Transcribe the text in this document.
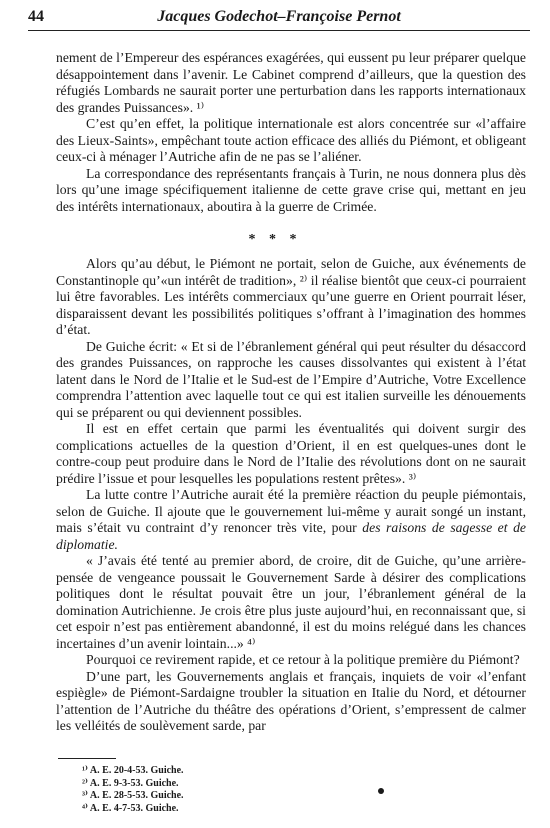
44	Jacques Godechot–Françoise Pernot

nement de l’Empereur des espérances exagérées, qui eussent pu leur préparer quelque désappointement dans l’avenir. Le Cabinet comprend d’ailleurs, que la question des réfugiés Lombards ne saurait porter une perturbation dans les rapports internationaux des grandes Puissances». ¹⁾

C’est qu’en effet, la politique internationale est alors concentrée sur «l’affaire des Lieux-Saints», empêchant toute action efficace des alliés du Piémont, et obligeant ceux-ci à ménager l’Autriche afin de ne pas se l’aliéner.

La correspondance des représentants français à Turin, ne nous donnera plus dès lors qu’une image spécifiquement italienne de cette grave crise qui, mettant en jeu des intérêts internationaux, aboutira à la guerre de Crimée.

* * *

Alors qu’au début, le Piémont ne portait, selon de Guiche, aux événements de Constantinople qu’«un intérêt de tradition», ²⁾ il réalise bientôt que ceux-ci pourraient lui être favorables. Les intérêts commerciaux qu’une guerre en Orient pourrait léser, disparaissent devant les possibilités politiques s’offrant à l’imagination des hommes d’état.

De Guiche écrit: « Et si de l’ébranlement général qui peut résulter du désaccord des grandes Puissances, on rapproche les causes dissolvantes qui existent à l’état latent dans le Nord de l’Italie et le Sud-est de l’Empire d’Autriche, Votre Excellence comprendra l’attention avec laquelle tout ce qui est italien surveille les dénouements qui se préparent ou qui deviennent possibles.

Il est en effet certain que parmi les éventualités qui doivent surgir des complications actuelles de la question d’Orient, il en est quelques-unes dont le contre-coup peut produire dans le Nord de l’Italie des révolutions dont on ne saurait prédire l’issue et pour lesquelles les populations restent prêtes». ³⁾

La lutte contre l’Autriche aurait été la première réaction du peuple piémontais, selon de Guiche. Il ajoute que le gouvernement lui-même y aurait songé un instant, mais s’était vu contraint d’y renoncer très vite, pour des raisons de sagesse et de diplomatie.

« J’avais été tenté au premier abord, de croire, dit de Guiche, qu’une arrière-pensée de vengeance poussait le Gouvernement Sarde à désirer des complications politiques dont le résultat pouvait être un jour, l’ébranlement général de la domination Autrichienne. Je crois être plus juste aujourd’hui, en reconnaissant que, si cet espoir n’est pas entièrement abandonné, il est du moins relégué dans les chances incertaines d’un avenir lointain...» ⁴⁾

Pourquoi ce revirement rapide, et ce retour à la politique première du Piémont?

D’une part, les Gouvernements anglais et français, inquiets de voir «l’enfant espiègle» de Piémont-Sardaigne troubler la situation en Italie du Nord, et détourner l’attention de l’Autriche du théâtre des opérations d’Orient, s’empressent de calmer les velléités de soulèvement sarde, par

¹⁾ A. E. 20-4-53. Guiche.
²⁾ A. E. 9-3-53. Guiche.
³⁾ A. E. 28-5-53. Guiche.
⁴⁾ A. E. 4-7-53. Guiche.
